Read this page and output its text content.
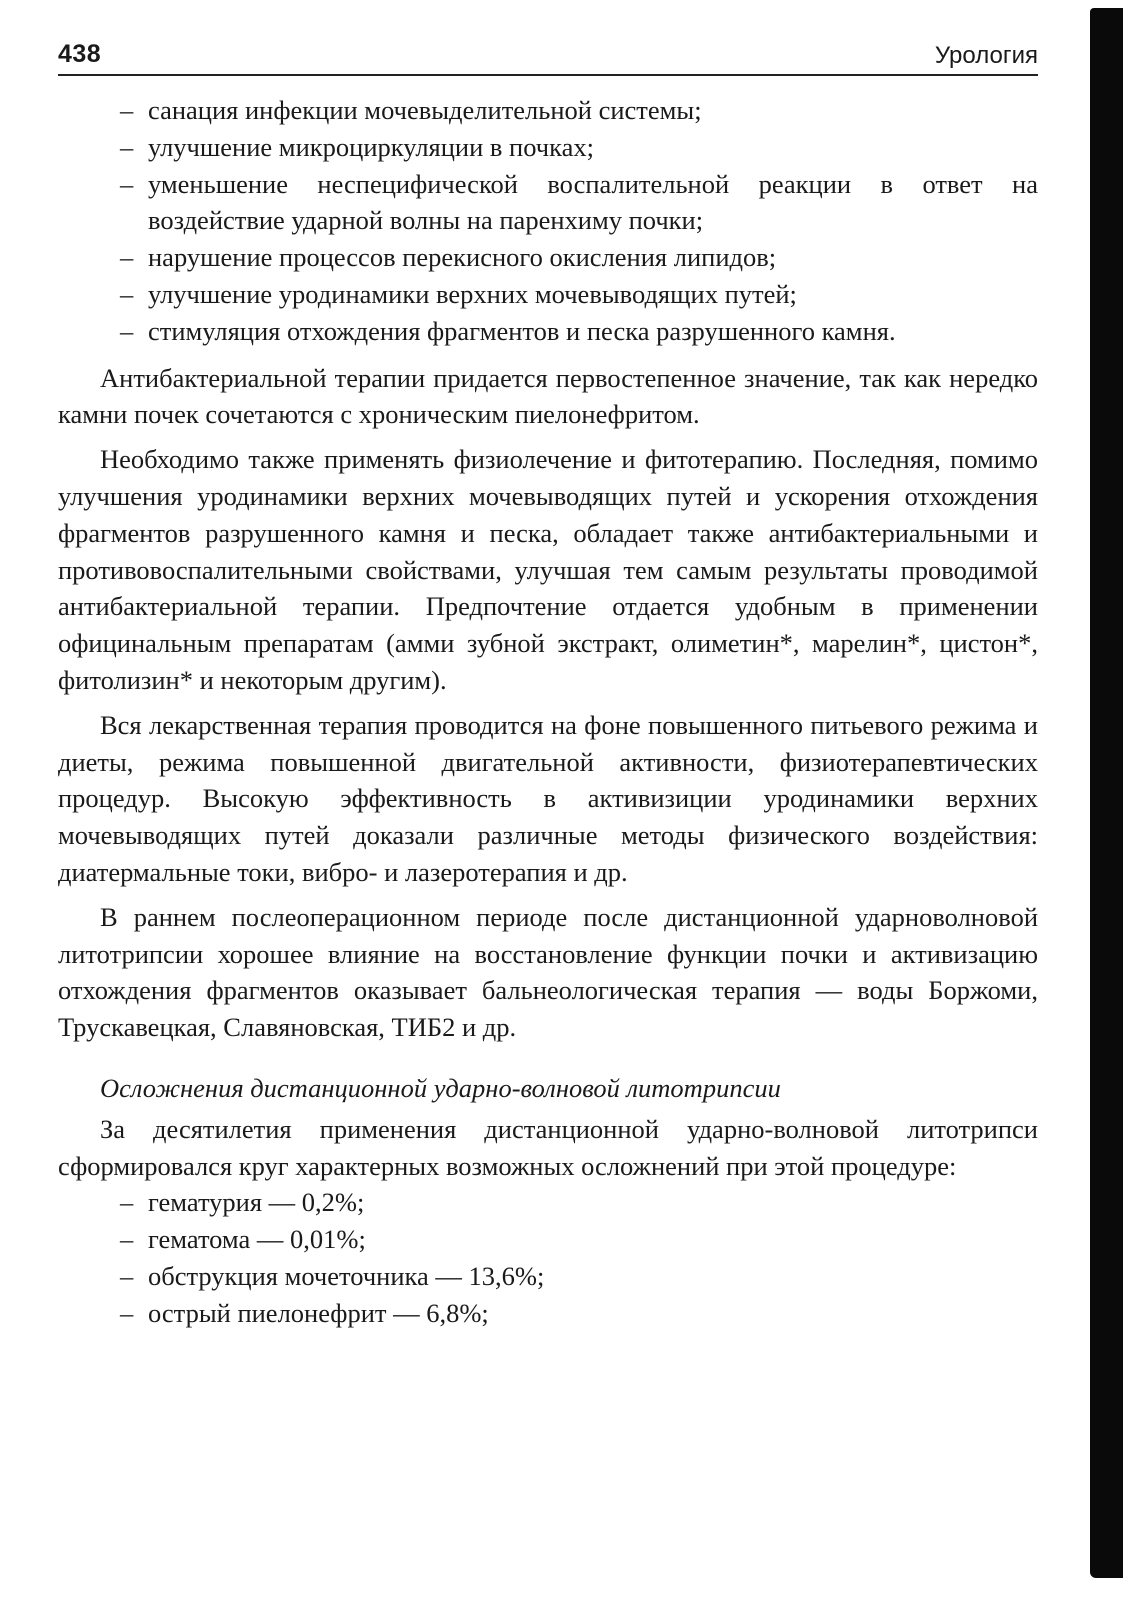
438	Урология
– санация инфекции мочевыделительной системы;
– улучшение микроциркуляции в почках;
– уменьшение неспецифической воспалительной реакции в ответ на воздействие ударной волны на паренхиму почки;
– нарушение процессов перекисного окисления липидов;
– улучшение уродинамики верхних мочевыводящих путей;
– стимуляция отхождения фрагментов и песка разрушенного камня.

Антибактериальной терапии придается первостепенное значение, так как нередко камни почек сочетаются с хроническим пиелонефритом.

Необходимо также применять физиолечение и фитотерапию. Последняя, помимо улучшения уродинамики верхних мочевыводящих путей и ускорения отхождения фрагментов разрушенного камня и песка, обладает также антибактериальными и противовоспалительными свойствами, улучшая тем самым результаты проводимой антибактериальной терапии. Предпочтение отдается удобным в применении официнальным препаратам (амми зубной экстракт, олиметин*, марелин*, цистон*, фитолизин* и некоторым другим).

Вся лекарственная терапия проводится на фоне повышенного питьевого режима и диеты, режима повышенной двигательной активности, физиотерапевтических процедур. Высокую эффективность в активизиции уродинамики верхних мочевыводящих путей доказали различные методы физического воздействия: диатермальные токи, вибро- и лазеротерапия и др.

В раннем послеоперационном периоде после дистанционной ударноволновой литотрипсии хорошее влияние на восстановление функции почки и активизацию отхождения фрагментов оказывает бальнеологическая терапия — воды Боржоми, Трускавецкая, Славяновская, ТИБ2 и др.

Осложнения дистанционной ударно-волновой литотрипсии

За десятилетия применения дистанционной ударно-волновой литотрипси сформировался круг характерных возможных осложнений при этой процедуре:

– гематурия — 0,2%;
– гематома — 0,01%;
– обструкция мочеточника — 13,6%;
– острый пиелонефрит — 6,8%;
